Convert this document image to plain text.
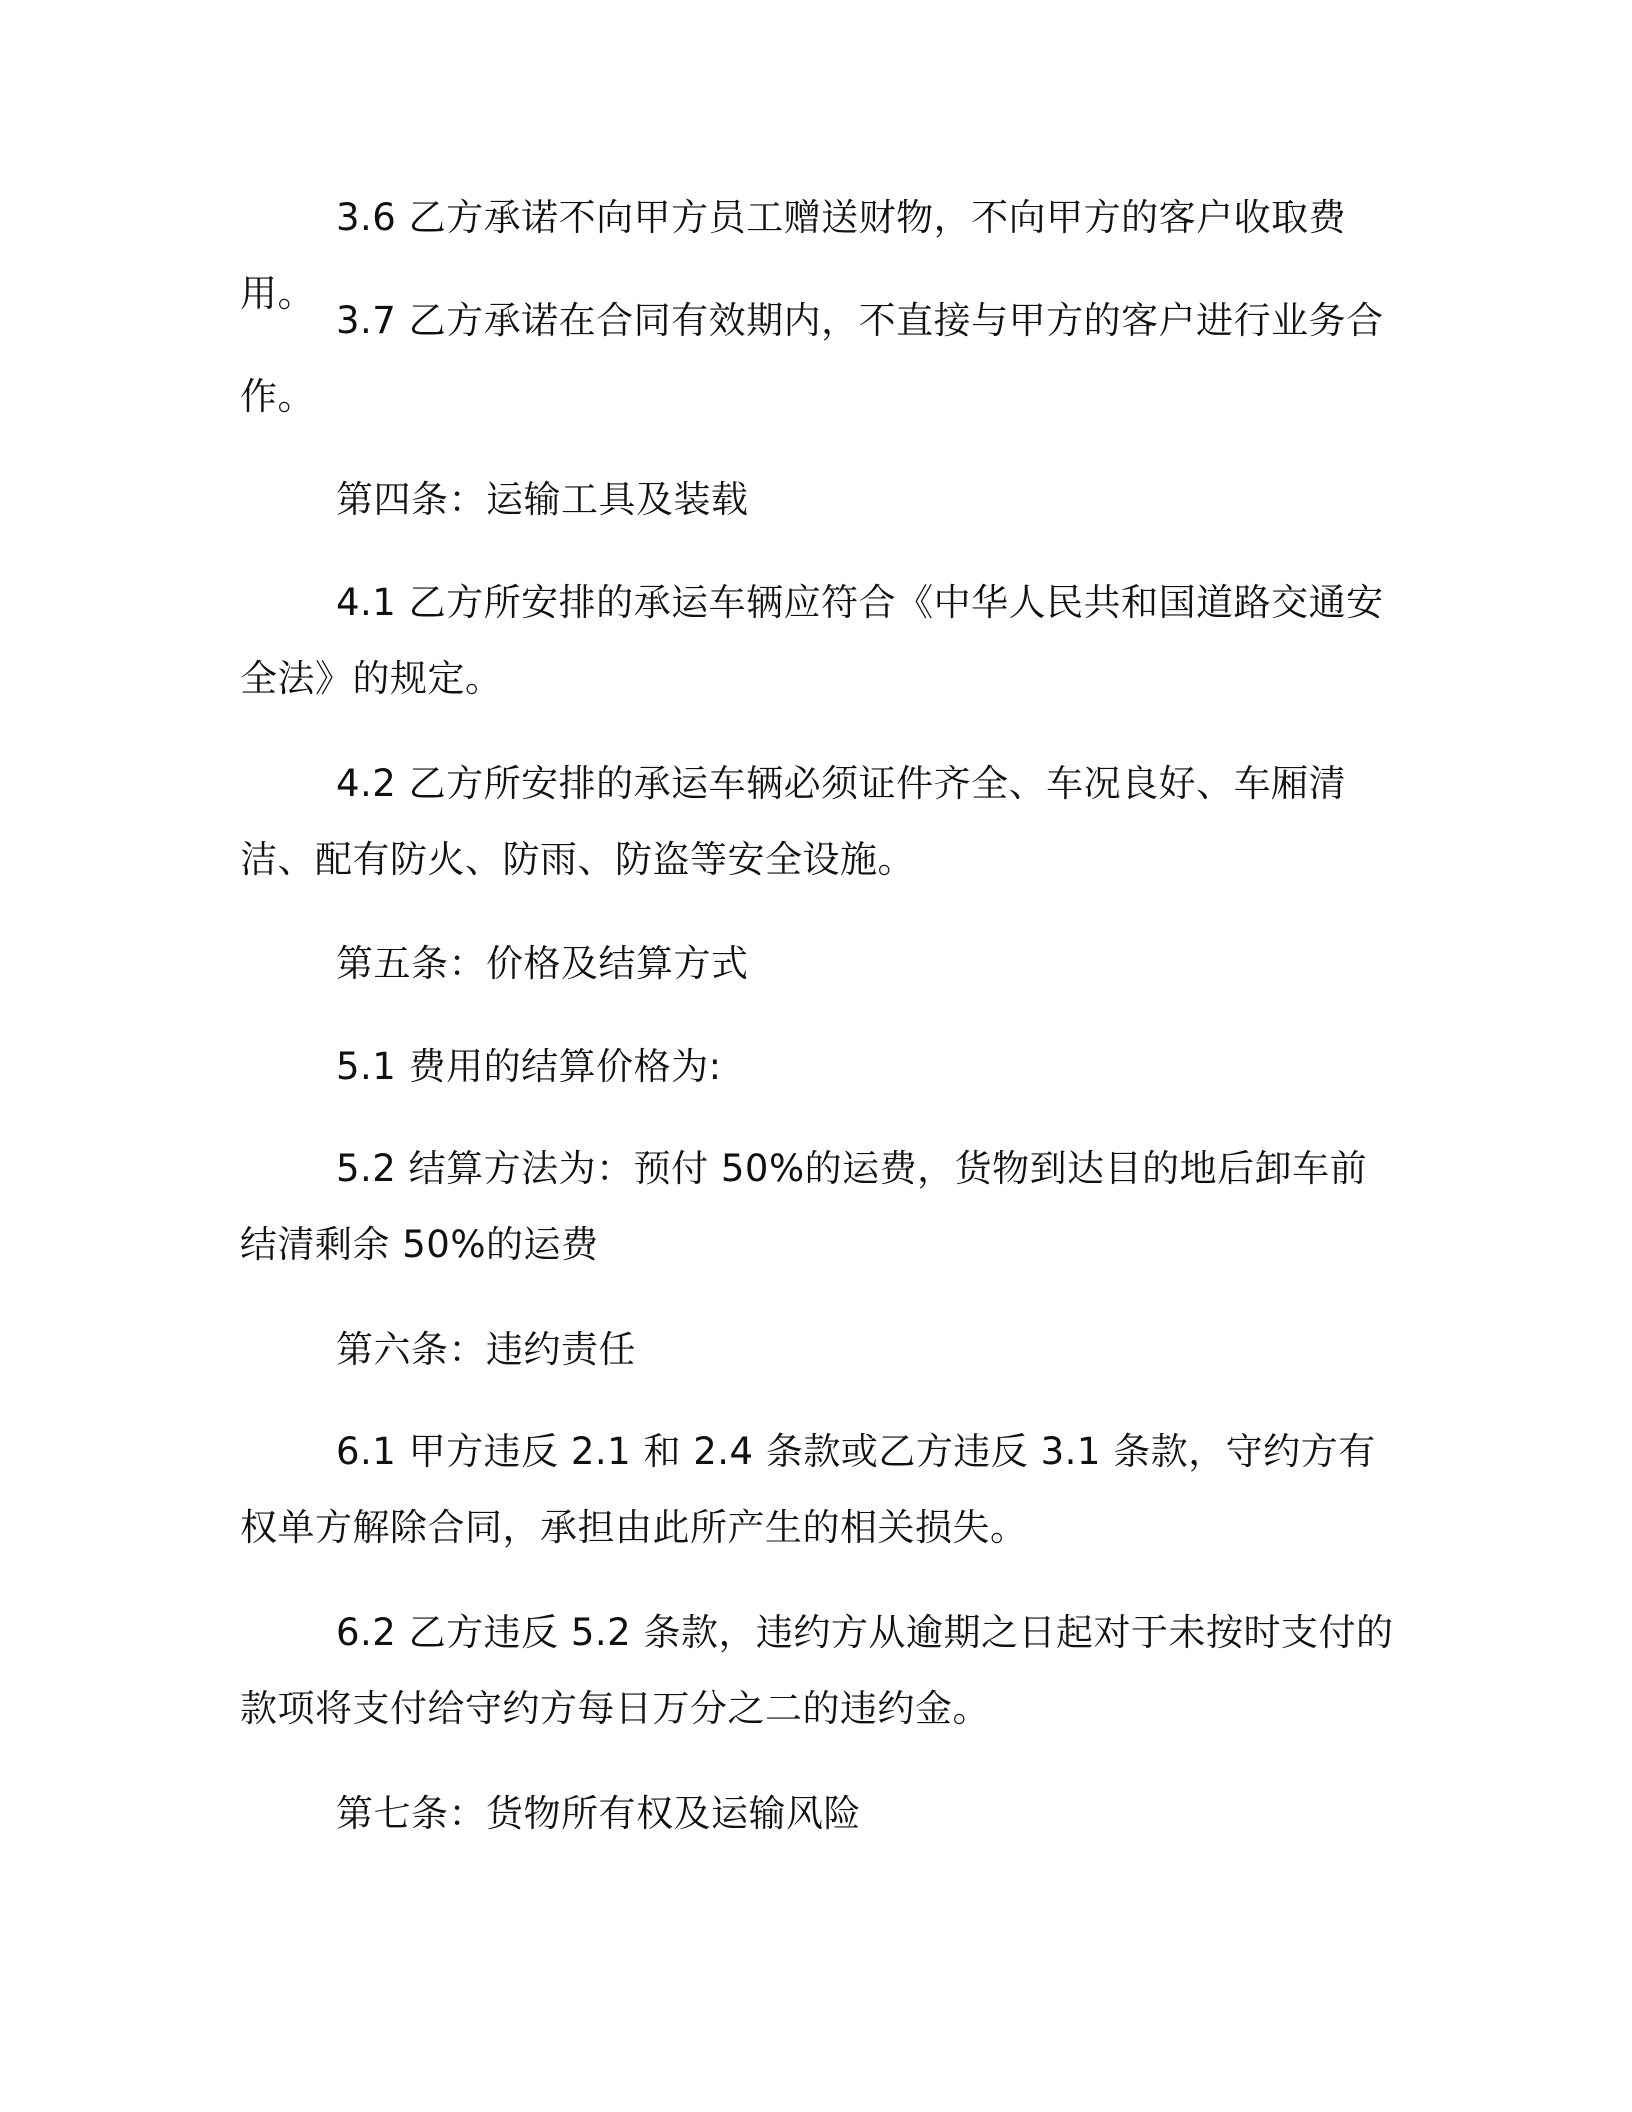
3.6 乙方承诺不向甲方员工赠送财物，不向甲方的客户收取费用。

3.7 乙方承诺在合同有效期内，不直接与甲方的客户进行业务合作。

第四条：运输工具及装载

4.1 乙方所安排的承运车辆应符合《中华人民共和国道路交通安全法》的规定。

4.2 乙方所安排的承运车辆必须证件齐全、车况良好、车厢清洁、配有防火、防雨、防盗等安全设施。

第五条：价格及结算方式

5.1 费用的结算价格为:

5.2 结算方法为：预付 50%的运费，货物到达目的地后卸车前结清剩余 50%的运费

第六条：违约责任

6.1 甲方违反 2.1 和 2.4 条款或乙方违反 3.1 条款，守约方有权单方解除合同，承担由此所产生的相关损失。

6.2 乙方违反 5.2 条款，违约方从逾期之日起对于未按时支付的款项将支付给守约方每日万分之二的违约金。

第七条：货物所有权及运输风险
